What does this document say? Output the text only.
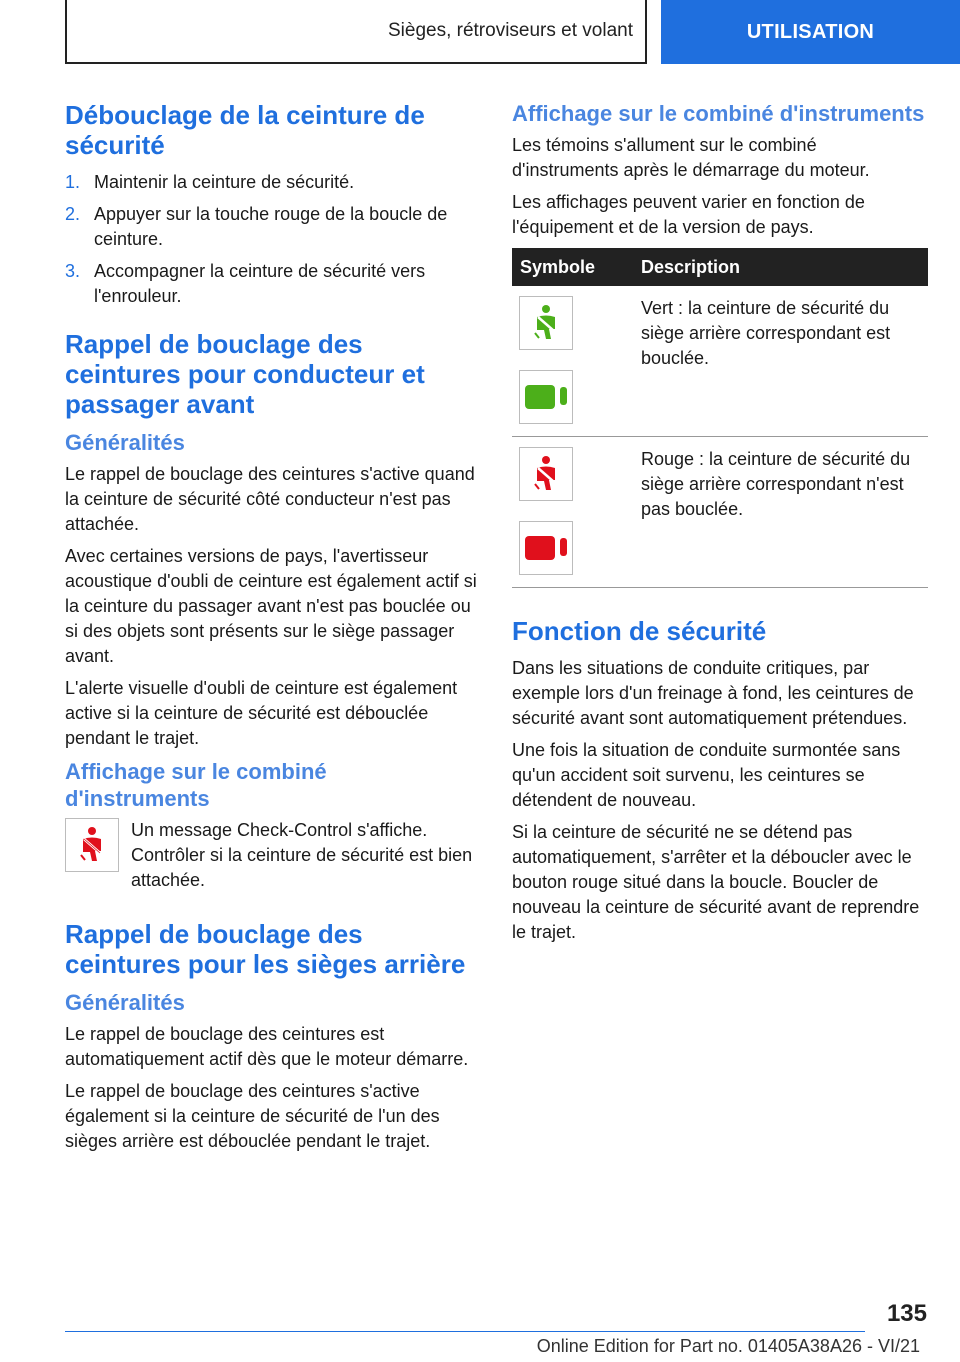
Sièges, rétroviseurs et volant	UTILISATION
Débouclage de la ceinture de sécurité
1. Maintenir la ceinture de sécurité.
2. Appuyer sur la touche rouge de la boucle de ceinture.
3. Accompagner la ceinture de sécurité vers l'enrouleur.
Rappel de bouclage des ceintures pour conducteur et passager avant
Généralités

Le rappel de bouclage des ceintures s'active quand la ceinture de sécurité côté conducteur n'est pas attachée.

Avec certaines versions de pays, l'avertisseur acoustique d'oubli de ceinture est également actif si la ceinture du passager avant n'est pas bouclée ou si des objets sont présents sur le siège passager avant.

L'alerte visuelle d'oubli de ceinture est également active si la ceinture de sécurité est débouclée pendant le trajet.

Affichage sur le combiné d'instruments

Un message Check-Control s'affiche. Contrôler si la ceinture de sécurité est bien attachée.

Rappel de bouclage des ceintures pour les sièges arrière
Généralités

Le rappel de bouclage des ceintures est automatiquement actif dès que le moteur démarre.

Le rappel de bouclage des ceintures s'active également si la ceinture de sécurité de l'un des sièges arrière est débouclée pendant le trajet.

Affichage sur le combiné d'instruments

Les témoins s'allument sur le combiné d'instruments après le démarrage du moteur.

Les affichages peuvent varier en fonction de l'équipement et de la version de pays.

Symbole	Description

	Vert : la ceinture de sécurité du siège arrière correspondant est bouclée.

	Rouge : la ceinture de sécurité du siège arrière correspondant n'est pas bouclée.
Fonction de sécurité

Dans les situations de conduite critiques, par exemple lors d'un freinage à fond, les ceintures de sécurité avant sont automatiquement prétendues.

Une fois la situation de conduite surmontée sans qu'un accident soit survenu, les ceintures se détendent de nouveau.

Si la ceinture de sécurité ne se détend pas automatiquement, s'arrêter et la déboucler avec le bouton rouge situé dans la boucle. Boucler de nouveau la ceinture de sécurité avant de reprendre le trajet.

135
Online Edition for Part no. 01405A38A26 - VI/21
